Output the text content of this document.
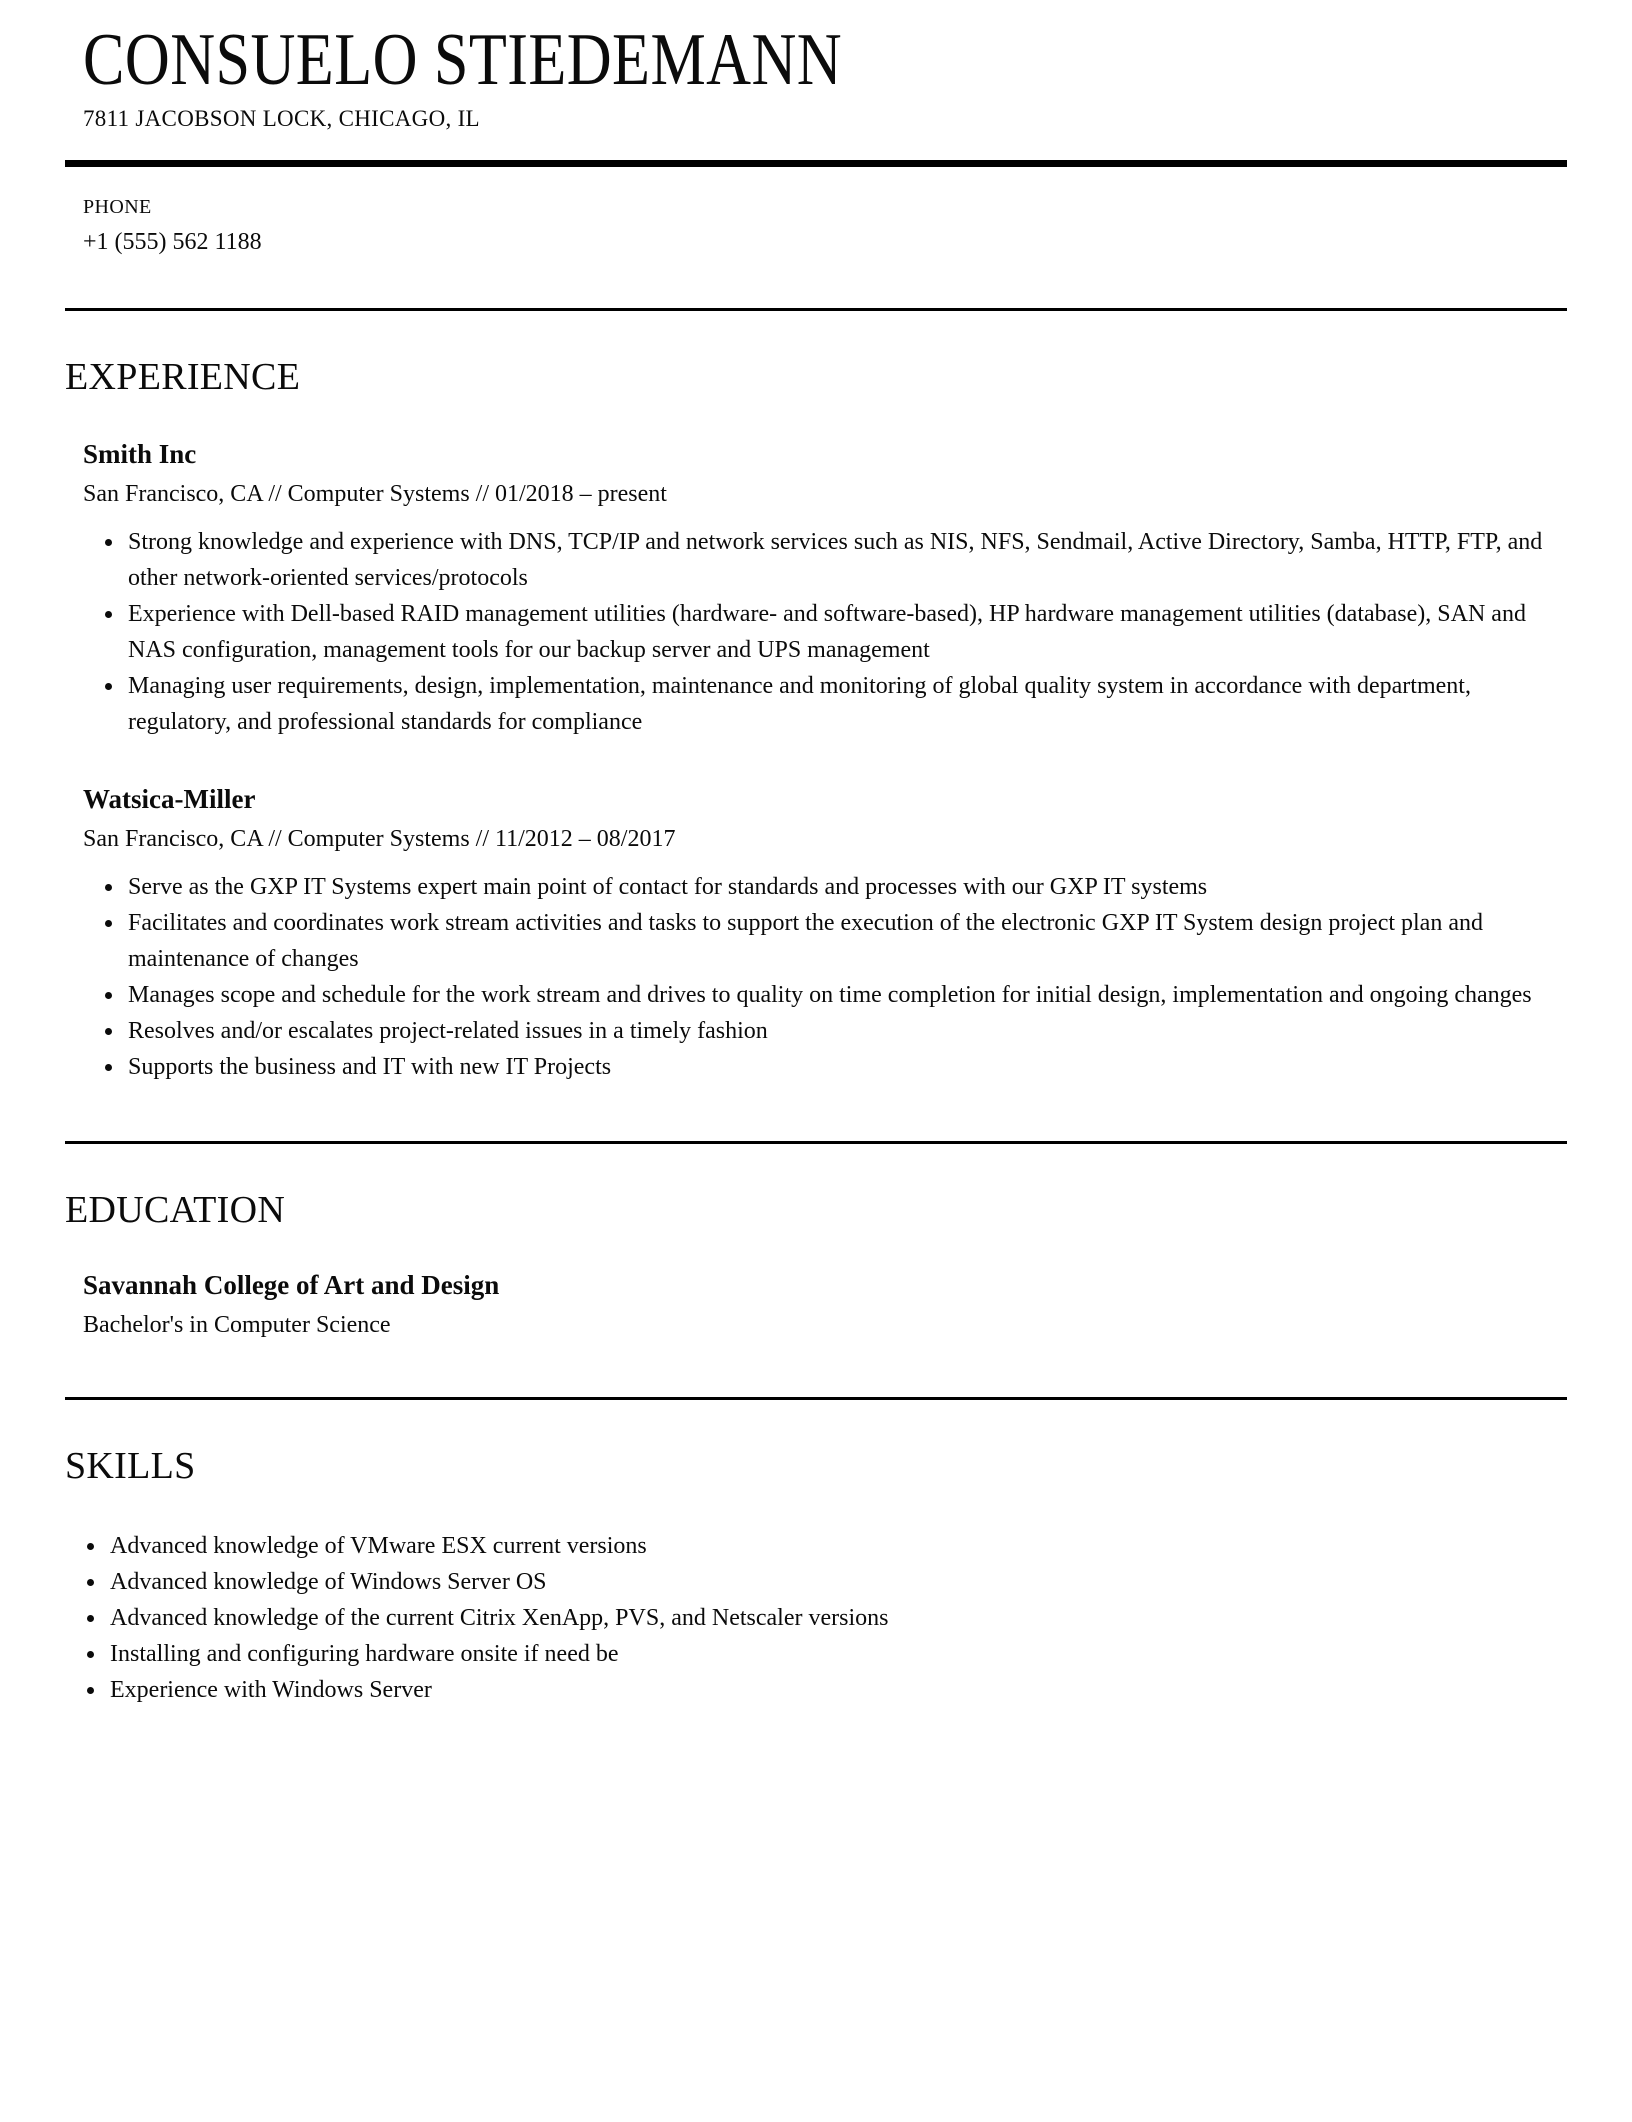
CONSUELO STIEDEMANN
7811 JACOBSON LOCK, CHICAGO, IL
PHONE
+1 (555) 562 1188
EXPERIENCE
Smith Inc
San Francisco, CA // Computer Systems // 01/2018 – present
Strong knowledge and experience with DNS, TCP/IP and network services such as NIS, NFS, Sendmail, Active Directory, Samba, HTTP, FTP, and other network-oriented services/protocols
Experience with Dell-based RAID management utilities (hardware- and software-based), HP hardware management utilities (database), SAN and NAS configuration, management tools for our backup server and UPS management
Managing user requirements, design, implementation, maintenance and monitoring of global quality system in accordance with department, regulatory, and professional standards for compliance
Watsica-Miller
San Francisco, CA // Computer Systems // 11/2012 – 08/2017
Serve as the GXP IT Systems expert main point of contact for standards and processes with our GXP IT systems
Facilitates and coordinates work stream activities and tasks to support the execution of the electronic GXP IT System design project plan and maintenance of changes
Manages scope and schedule for the work stream and drives to quality on time completion for initial design, implementation and ongoing changes
Resolves and/or escalates project-related issues in a timely fashion
Supports the business and IT with new IT Projects
EDUCATION
Savannah College of Art and Design
Bachelor's in Computer Science
SKILLS
Advanced knowledge of VMware ESX current versions
Advanced knowledge of Windows Server OS
Advanced knowledge of the current Citrix XenApp, PVS, and Netscaler versions
Installing and configuring hardware onsite if need be
Experience with Windows Server
